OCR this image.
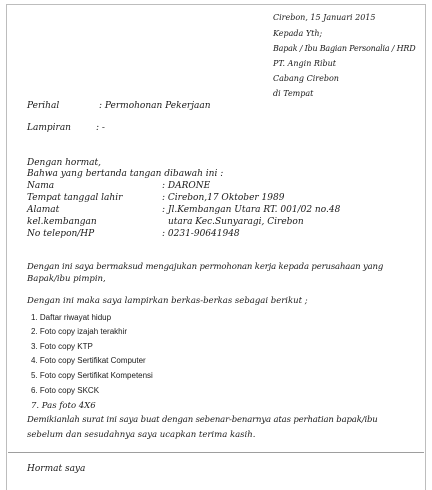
Cirebon, 15 Januari 2015
Kepada Yth;
Bapak / Ibu Bagian Personalia / HRD
PT. Angin Ribut
Cabang Cirebon
di Tempat
Perihal	: Permohonan Pekerjaan
Lampiran	: -
Dengan hormat,
Bahwa yang bertanda tangan dibawah ini :
Nama	: DARONE
Tempat tanggal lahir	: Cirebon,17 Oktober 1989
Alamat	: Jl.Kembangan Utara RT. 001/02 no.48
kel.kembangan	utara Kec.Sunyaragi, Cirebon
No telepon/HP	: 0231-90641948
Dengan ini saya bermaksud mengajukan permohonan kerja kepada perusahaan yang
Bapak/ibu pimpin,
Dengan ini maka saya lampirkan berkas-berkas sebagai berikut ;
1. Daftar riwayat hidup
2. Foto copy izajah terakhir
3. Foto copy KTP
4. Foto copy Sertifikat Computer
5. Foto copy Sertifikat Kompetensi
6. Foto copy SKCK
7. Pas foto 4X6
Demikianlah surat ini saya buat dengan sebenar-benarnya atas perhatian bapak/ibu
sebelum dan sesudahnya saya ucapkan terima kasih.
Hormat saya
